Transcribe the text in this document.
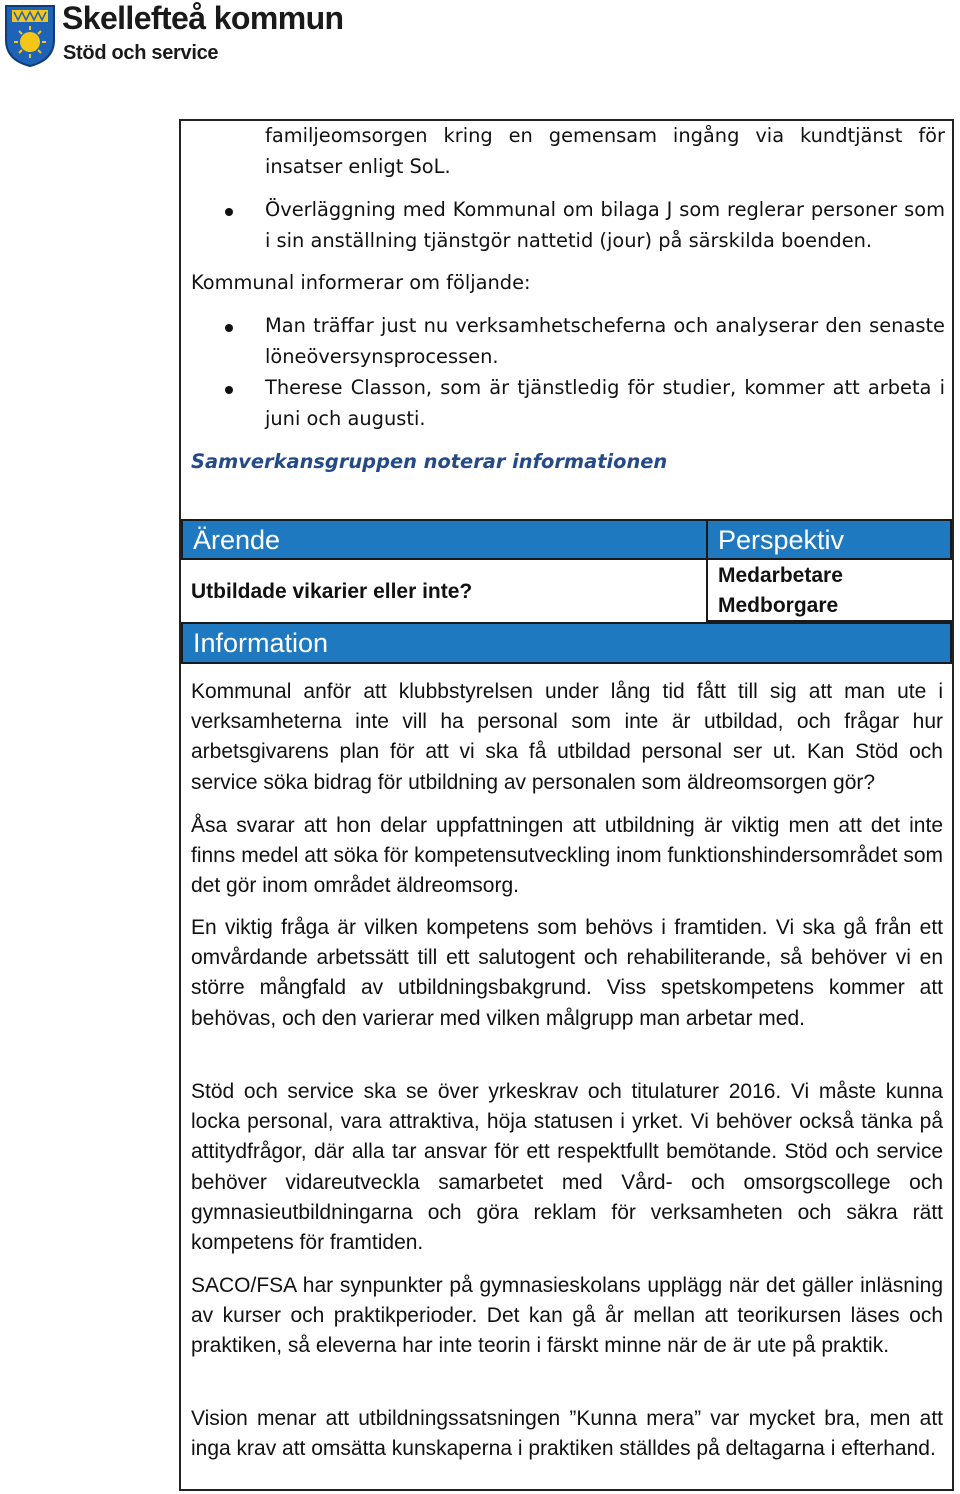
Skellefteå kommun
Stöd och service
familjeomsorgen kring en gemensam ingång via kundtjänst för insatser enligt SoL.
Överläggning med Kommunal om bilaga J som reglerar personer som i sin anställning tjänstgör nattetid (jour) på särskilda boenden.
Kommunal informerar om följande:
Man träffar just nu verksamhetscheferna och analyserar den senaste löneöversynsprocessen.
Therese Classon, som är tjänstledig för studier, kommer att arbeta i juni och augusti.
Samverkansgruppen noterar informationen
Ärende	Perspektiv
Utbildade vikarier eller inte?
Medarbetare
Medborgare
Information
Kommunal anför att klubbstyrelsen under lång tid fått till sig att man ute i verksamheterna inte vill ha personal som inte är utbildad, och frågar hur arbetsgivarens plan för att vi ska få utbildad personal ser ut. Kan Stöd och service söka bidrag för utbildning av personalen som äldreomsorgen gör?
Åsa svarar att hon delar uppfattningen att utbildning är viktig men att det inte finns medel att söka för kompetensutveckling inom funktionshindersområdet som det gör inom området äldreomsorg.
En viktig fråga är vilken kompetens som behövs i framtiden. Vi ska gå från ett omvårdande arbetssätt till ett salutogent och rehabiliterande, så behöver vi en större mångfald av utbildningsbakgrund. Viss spetskompetens kommer att behövas, och den varierar med vilken målgrupp man arbetar med.
Stöd och service ska se över yrkeskrav och titulaturer 2016. Vi måste kunna locka personal, vara attraktiva, höja statusen i yrket. Vi behöver också tänka på attitydfrågor, där alla tar ansvar för ett respektfullt bemötande. Stöd och service behöver vidareutveckla samarbetet med Vård- och omsorgscollege och gymnasieutbildningarna och göra reklam för verksamheten och säkra rätt kompetens för framtiden.
SACO/FSA har synpunkter på gymnasieskolans upplägg när det gäller inläsning av kurser och praktikperioder. Det kan gå år mellan att teorikursen läses och praktiken, så eleverna har inte teorin i färskt minne när de är ute på praktik.
Vision menar att utbildningssatsningen ”Kunna mera” var mycket bra, men att inga krav att omsätta kunskaperna i praktiken ställdes på deltagarna i efterhand.
